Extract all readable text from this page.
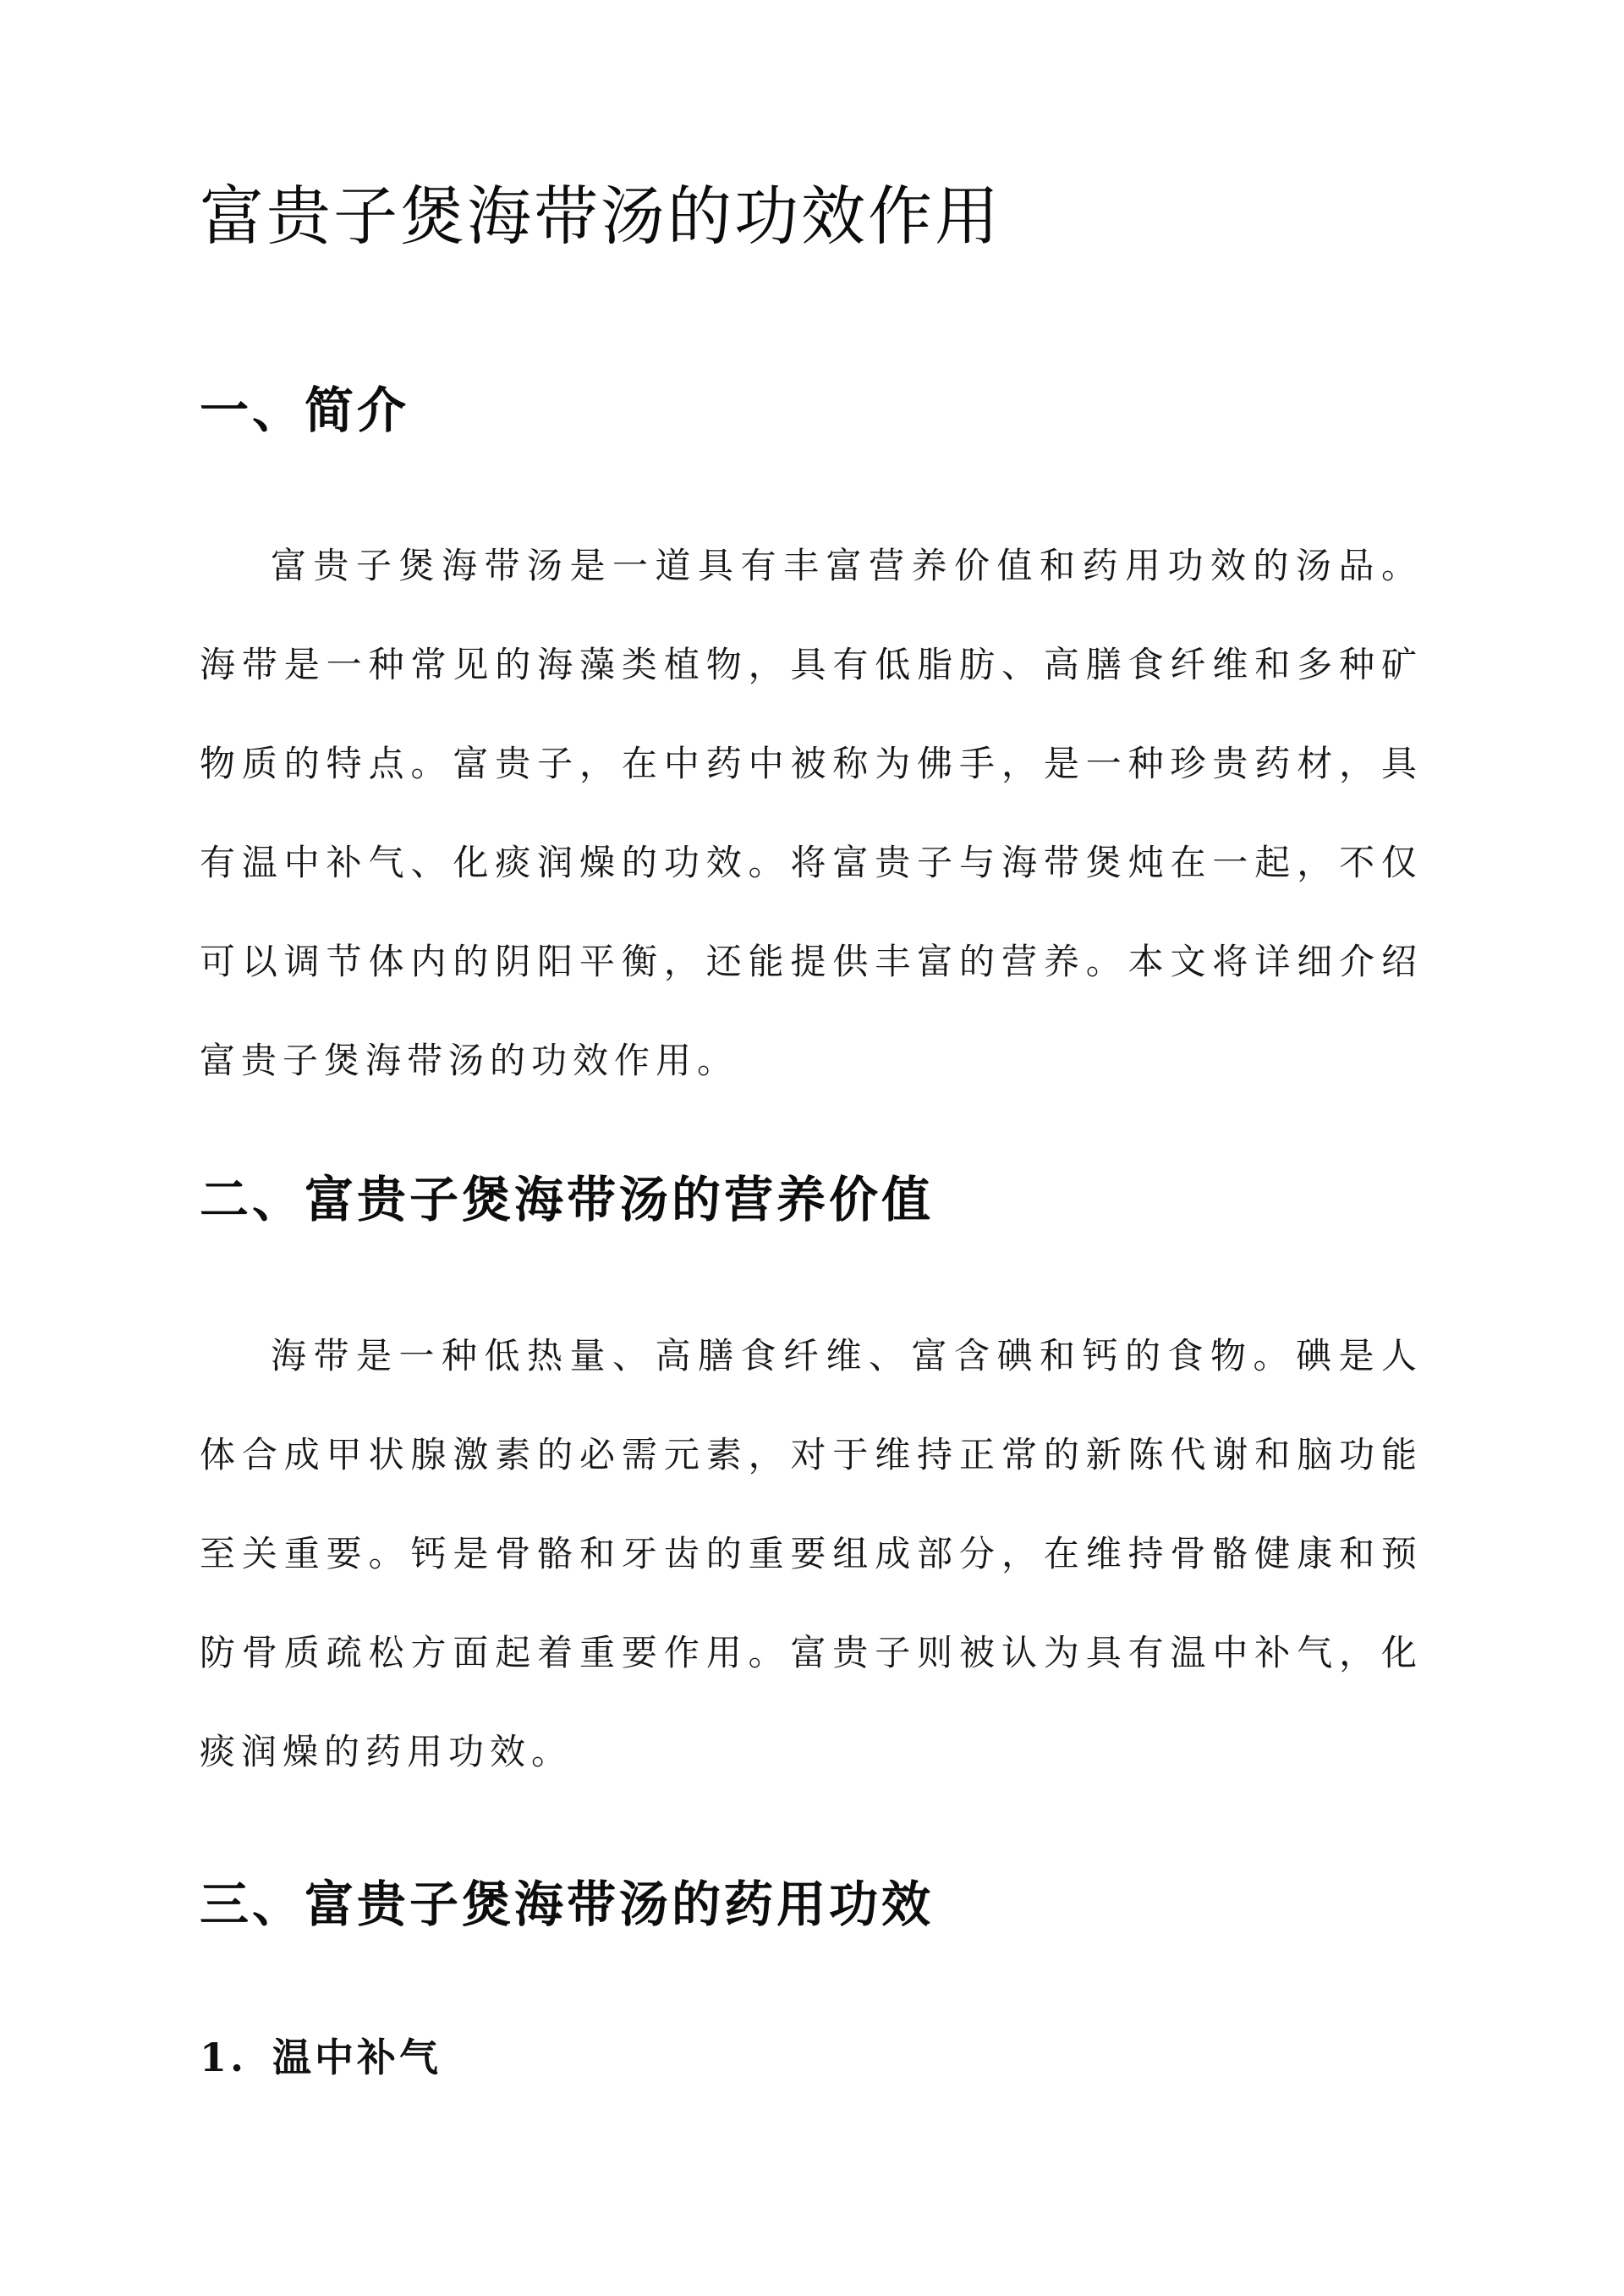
富贵子煲海带汤的功效作用
一、简介

富贵子煲海带汤是一道具有丰富营养价值和药用功效的汤品。海带是一种常见的海藻类植物，具有低脂肪、高膳食纤维和多种矿物质的特点。富贵子，在中药中被称为佛手，是一种珍贵药材，具有温中补气、化痰润燥的功效。将富贵子与海带煲炖在一起，不仅可以调节体内的阴阳平衡，还能提供丰富的营养。本文将详细介绍富贵子煲海带汤的功效作用。

二、富贵子煲海带汤的营养价值

海带是一种低热量、高膳食纤维、富含碘和钙的食物。碘是人体合成甲状腺激素的必需元素，对于维持正常的新陈代谢和脑功能至关重要。钙是骨骼和牙齿的重要组成部分，在维持骨骼健康和预防骨质疏松方面起着重要作用。富贵子则被认为具有温中补气，化痰润燥的药用功效。

三、富贵子煲海带汤的药用功效
1. 温中补气
